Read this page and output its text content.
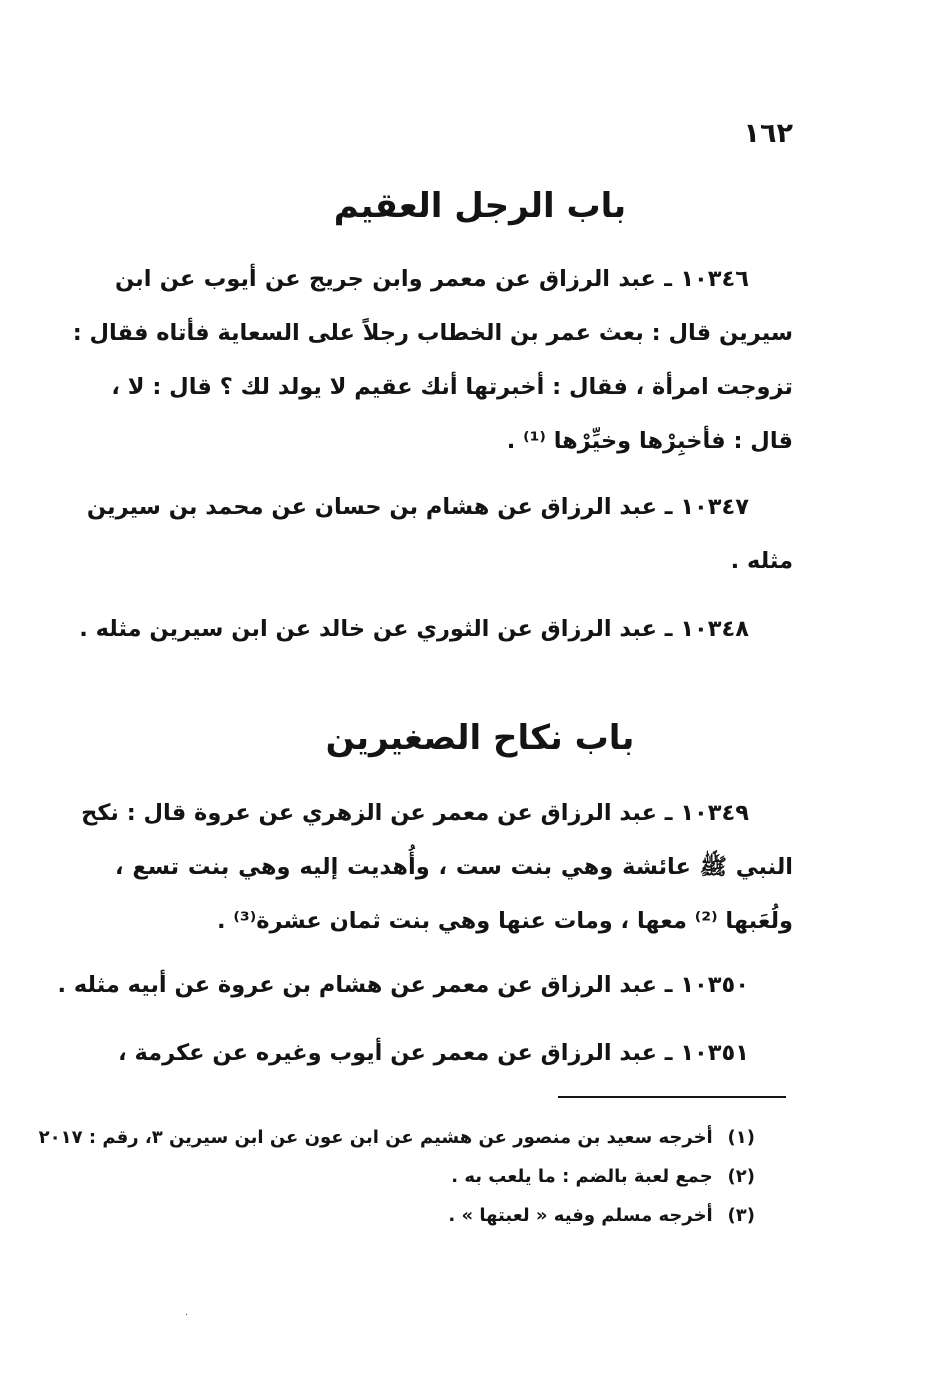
١٦٢
باب الرجل العقيم
١٠٣٤٦ ـ عبد الرزاق عن معمر وابن جريج عن أيوب عن ابن
سيرين قال : بعث عمر بن الخطاب رجلاً على السعاية فأتاه فقال :
تزوجت امرأة ، فقال : أخبرتها أنك عقيم لا يولد لك ؟ قال : لا ،
قال : فأخبِرْها وخيِّرْها ⁽¹⁾ .
١٠٣٤٧ ـ عبد الرزاق عن هشام بن حسان عن محمد بن سيرين
مثله .
١٠٣٤٨ ـ عبد الرزاق عن الثوري عن خالد عن ابن سيرين مثله .
باب نكاح الصغيرين
١٠٣٤٩ ـ عبد الرزاق عن معمر عن الزهري عن عروة قال : نكح
النبي ﷺ عائشة وهي بنت ست ، وأُهديت إليه وهي بنت تسع ،
ولُعَبها ⁽²⁾ معها ، ومات عنها وهي بنت ثمان عشرة⁽³⁾ .
١٠٣٥٠ ـ عبد الرزاق عن معمر عن هشام بن عروة عن أبيه مثله .
١٠٣٥١ ـ عبد الرزاق عن معمر عن أيوب وغيره عن عكرمة ،
(١) أخرجه سعيد بن منصور عن هشيم عن ابن عون عن ابن سيرين ٣، رقم : ٢٠١٧
(٢) جمع لعبة بالضم : ما يلعب به .
(٣) أخرجه مسلم وفيه « لعبتها » .
·
